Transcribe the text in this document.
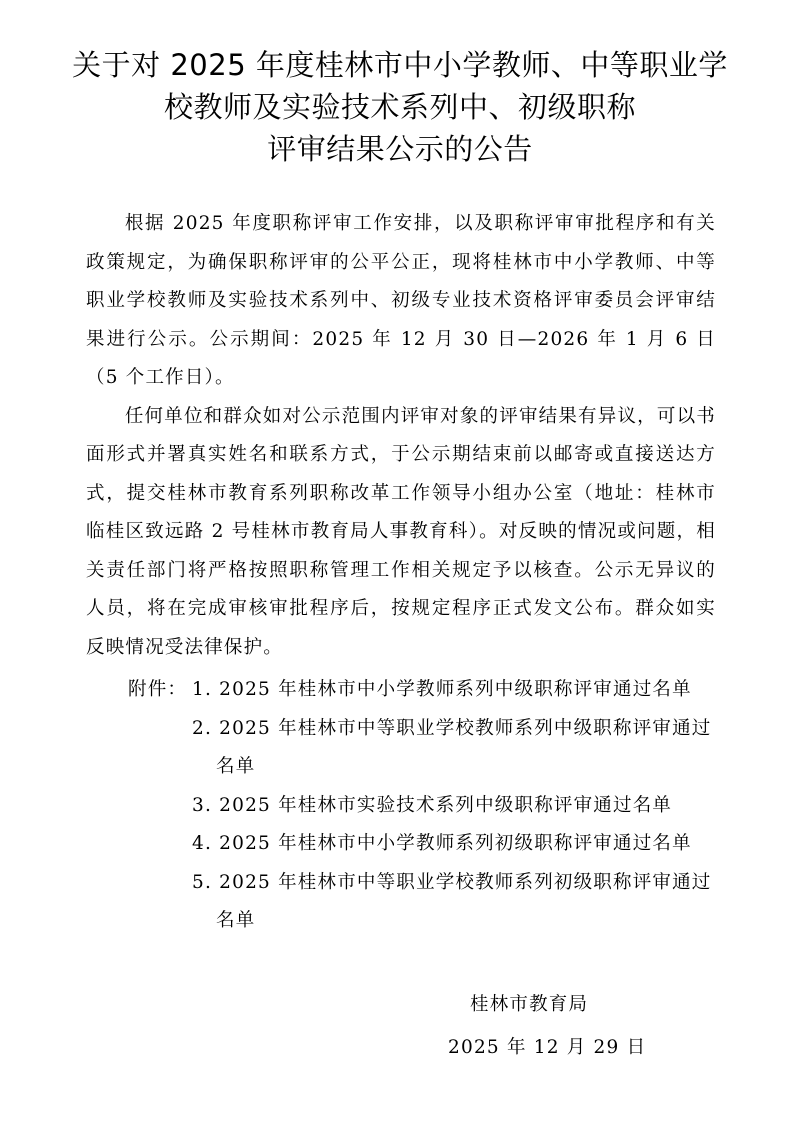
关于对 2025 年度桂林市中小学教师、中等职业学
校教师及实验技术系列中、初级职称
评审结果公示的公告

根据 2025 年度职称评审工作安排，以及职称评审审批程序和有关政策规定，为确保职称评审的公平公正，现将桂林市中小学教师、中等职业学校教师及实验技术系列中、初级专业技术资格评审委员会评审结果进行公示。公示期间：2025 年 12 月 30 日—2026 年 1 月 6 日（5 个工作日）。

任何单位和群众如对公示范围内评审对象的评审结果有异议，可以书面形式并署真实姓名和联系方式，于公示期结束前以邮寄或直接送达方式，提交桂林市教育系列职称改革工作领导小组办公室（地址：桂林市临桂区致远路 2 号桂林市教育局人事教育科）。对反映的情况或问题，相关责任部门将严格按照职称管理工作相关规定予以核查。公示无异议的人员，将在完成审核审批程序后，按规定程序正式发文公布。群众如实反映情况受法律保护。

附件： 1. 2025 年桂林市中小学教师系列中级职称评审通过名单
2. 2025 年桂林市中等职业学校教师系列中级职称评审通过名单
3. 2025 年桂林市实验技术系列中级职称评审通过名单
4. 2025 年桂林市中小学教师系列初级职称评审通过名单
5. 2025 年桂林市中等职业学校教师系列初级职称评审通过名单
桂林市教育局
2025 年 12 月 29 日
